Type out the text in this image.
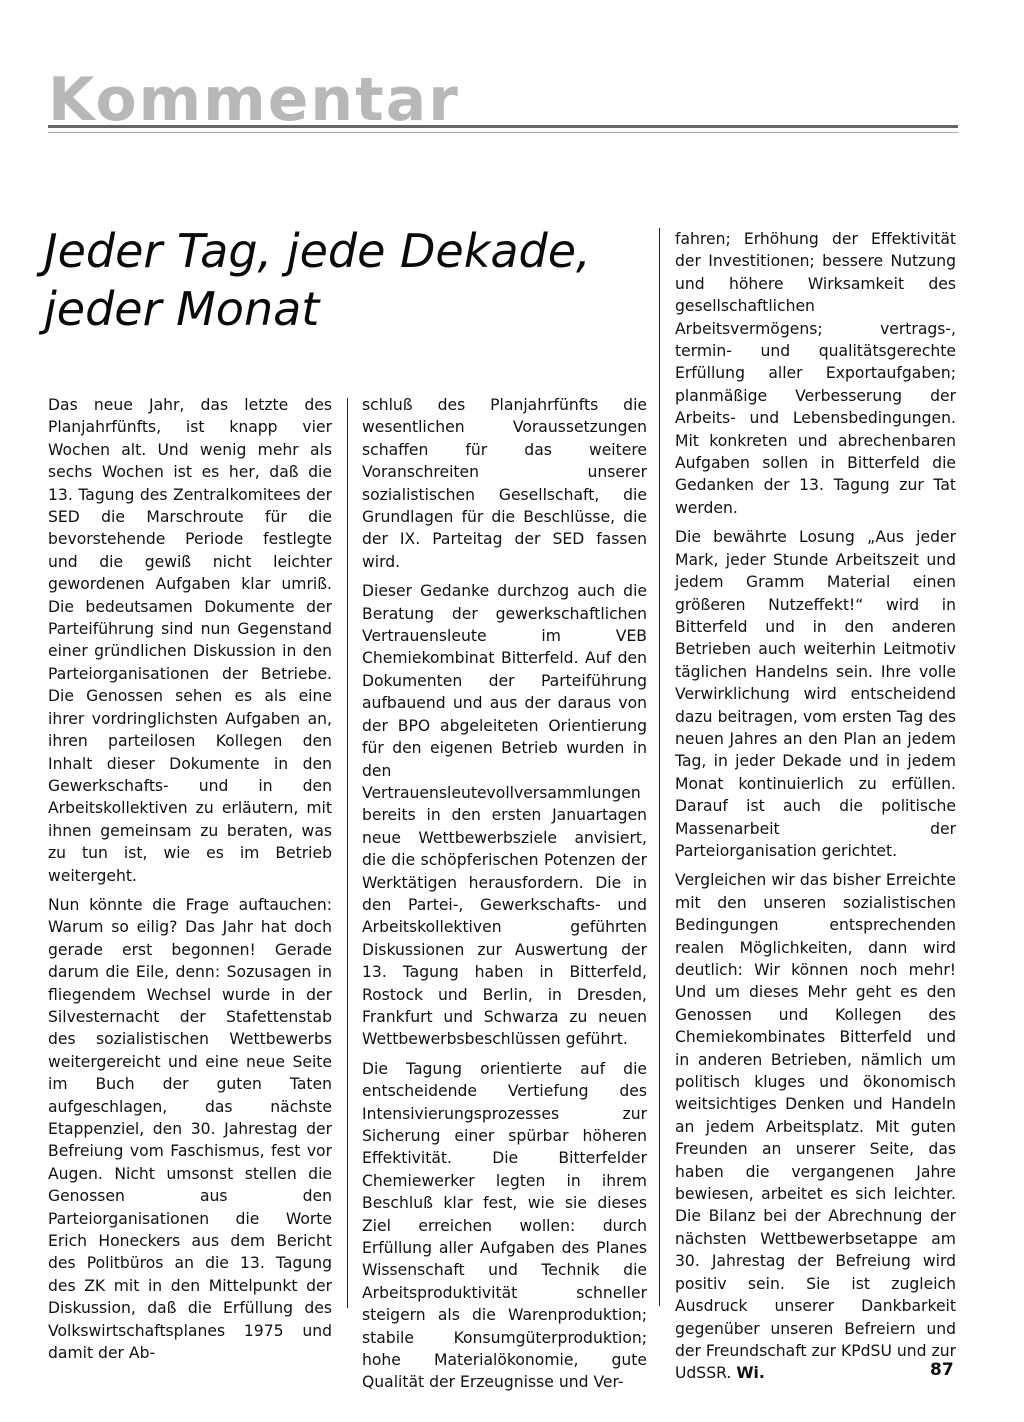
Kommentar
Jeder Tag, jede Dekade,
jeder Monat

Das neue Jahr, das letzte des Planjahrfünfts, ist knapp vier Wochen alt. Und wenig mehr als sechs Wochen ist es her, daß die 13. Tagung des Zentralkomitees der SED die Marschroute für die bevorstehende Periode festlegte und die gewiß nicht leichter gewordenen Aufgaben klar umriß. Die bedeutsamen Dokumente der Parteiführung sind nun Gegenstand einer gründlichen Diskussion in den Parteiorganisationen der Betriebe. Die Genossen sehen es als eine ihrer vordringlichsten Aufgaben an, ihren parteilosen Kollegen den Inhalt dieser Dokumente in den Gewerkschafts- und in den Arbeitskollektiven zu erläutern, mit ihnen gemeinsam zu beraten, was zu tun ist, wie es im Betrieb weitergeht.

Nun könnte die Frage auftauchen: Warum so eilig? Das Jahr hat doch gerade erst begonnen! Gerade darum die Eile, denn: Sozusagen in fliegendem Wechsel wurde in der Silvesternacht der Stafettenstab des sozialistischen Wettbewerbs weitergereicht und eine neue Seite im Buch der guten Taten aufgeschlagen, das nächste Etappenziel, den 30. Jahrestag der Befreiung vom Faschismus, fest vor Augen. Nicht umsonst stellen die Genossen aus den Parteiorganisationen die Worte Erich Honeckers aus dem Bericht des Politbüros an die 13. Tagung des ZK mit in den Mittelpunkt der Diskussion, daß die Erfüllung des Volkswirtschaftsplanes 1975 und damit der Ab-

schluß des Planjahrfünfts die wesentlichen Voraussetzungen schaffen für das weitere Voranschreiten unserer sozialistischen Gesellschaft, die Grundlagen für die Beschlüsse, die der IX. Parteitag der SED fassen wird.

Dieser Gedanke durchzog auch die Beratung der gewerkschaftlichen Vertrauensleute im VEB Chemiekombinat Bitterfeld. Auf den Dokumenten der Parteiführung aufbauend und aus der daraus von der BPO abgeleiteten Orientierung für den eigenen Betrieb wurden in den Vertrauensleutevollversammlungen bereits in den ersten Januartagen neue Wettbewerbsziele anvisiert, die die schöpferischen Potenzen der Werktätigen herausfordern. Die in den Partei-, Gewerkschafts- und Arbeitskollektiven geführten Diskussionen zur Auswertung der 13. Tagung haben in Bitterfeld, Rostock und Berlin, in Dresden, Frankfurt und Schwarza zu neuen Wettbewerbsbeschlüssen geführt.

Die Tagung orientierte auf die entscheidende Vertiefung des Intensivierungsprozesses zur Sicherung einer spürbar höheren Effektivität. Die Bitterfelder Chemiewerker legten in ihrem Beschluß klar fest, wie sie dieses Ziel erreichen wollen: durch Erfüllung aller Aufgaben des Planes Wissenschaft und Technik die Arbeitsproduktivität schneller steigern als die Warenproduktion; stabile Konsumgüterproduktion; hohe Materialökonomie, gute Qualität der Erzeugnisse und Ver-

fahren; Erhöhung der Effektivität der Investitionen; bessere Nutzung und höhere Wirksamkeit des gesellschaftlichen Arbeitsvermögens; vertrags-, termin- und qualitätsgerechte Erfüllung aller Exportaufgaben; planmäßige Verbesserung der Arbeits- und Lebensbedingungen. Mit konkreten und abrechenbaren Aufgaben sollen in Bitterfeld die Gedanken der 13. Tagung zur Tat werden.

Die bewährte Losung „Aus jeder Mark, jeder Stunde Arbeitszeit und jedem Gramm Material einen größeren Nutzeffekt!“ wird in Bitterfeld und in den anderen Betrieben auch weiterhin Leitmotiv täglichen Handelns sein. Ihre volle Verwirklichung wird entscheidend dazu beitragen, vom ersten Tag des neuen Jahres an den Plan an jedem Tag, in jeder Dekade und in jedem Monat kontinuierlich zu erfüllen. Darauf ist auch die politische Massenarbeit der Parteiorganisation gerichtet.

Vergleichen wir das bisher Erreichte mit den unseren sozialistischen Bedingungen entsprechenden realen Möglichkeiten, dann wird deutlich: Wir können noch mehr! Und um dieses Mehr geht es den Genossen und Kollegen des Chemiekombinates Bitterfeld und in anderen Betrieben, nämlich um politisch kluges und ökonomisch weitsichtiges Denken und Handeln an jedem Arbeitsplatz. Mit guten Freunden an unserer Seite, das haben die vergangenen Jahre bewiesen, arbeitet es sich leichter. Die Bilanz bei der Abrechnung der nächsten Wettbewerbsetappe am 30. Jahrestag der Befreiung wird positiv sein. Sie ist zugleich Ausdruck unserer Dankbarkeit gegenüber unseren Befreiern und der Freundschaft zur KPdSU und zur UdSSR. Wi.	87
